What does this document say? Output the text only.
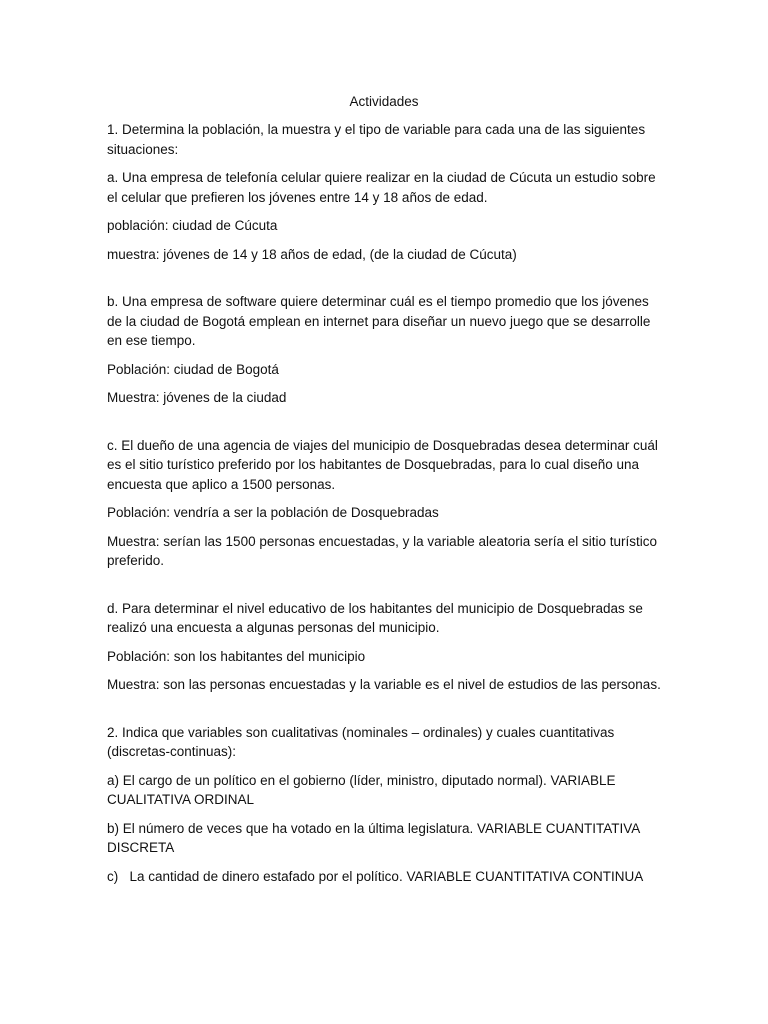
Actividades

1. Determina la población, la muestra y el tipo de variable para cada una de las siguientes situaciones:

a. Una empresa de telefonía celular quiere realizar en la ciudad de Cúcuta un estudio sobre el celular que prefieren los jóvenes entre 14 y 18 años de edad.

población: ciudad de Cúcuta

muestra: jóvenes de 14 y 18 años de edad, (de la ciudad de Cúcuta)

b. Una empresa de software quiere determinar cuál es el tiempo promedio que los jóvenes de la ciudad de Bogotá emplean en internet para diseñar un nuevo juego que se desarrolle en ese tiempo.

Población: ciudad de Bogotá

Muestra: jóvenes de la ciudad

c. El dueño de una agencia de viajes del municipio de Dosquebradas desea determinar cuál es el sitio turístico preferido por los habitantes de Dosquebradas, para lo cual diseño una encuesta que aplico a 1500 personas.

Población: vendría a ser la población de Dosquebradas

Muestra: serían las 1500 personas encuestadas, y la variable aleatoria sería el sitio turístico preferido.

d. Para determinar el nivel educativo de los habitantes del municipio de Dosquebradas se realizó una encuesta a algunas personas del municipio.

Población: son los habitantes del municipio

Muestra: son las personas encuestadas y la variable es el nivel de estudios de las personas.

2. Indica que variables son cualitativas (nominales – ordinales) y cuales cuantitativas (discretas-continuas):

a) El cargo de un político en el gobierno (líder, ministro, diputado normal). VARIABLE CUALITATIVA ORDINAL

b) El número de veces que ha votado en la última legislatura. VARIABLE CUANTITATIVA DISCRETA

c)   La cantidad de dinero estafado por el político. VARIABLE CUANTITATIVA CONTINUA
